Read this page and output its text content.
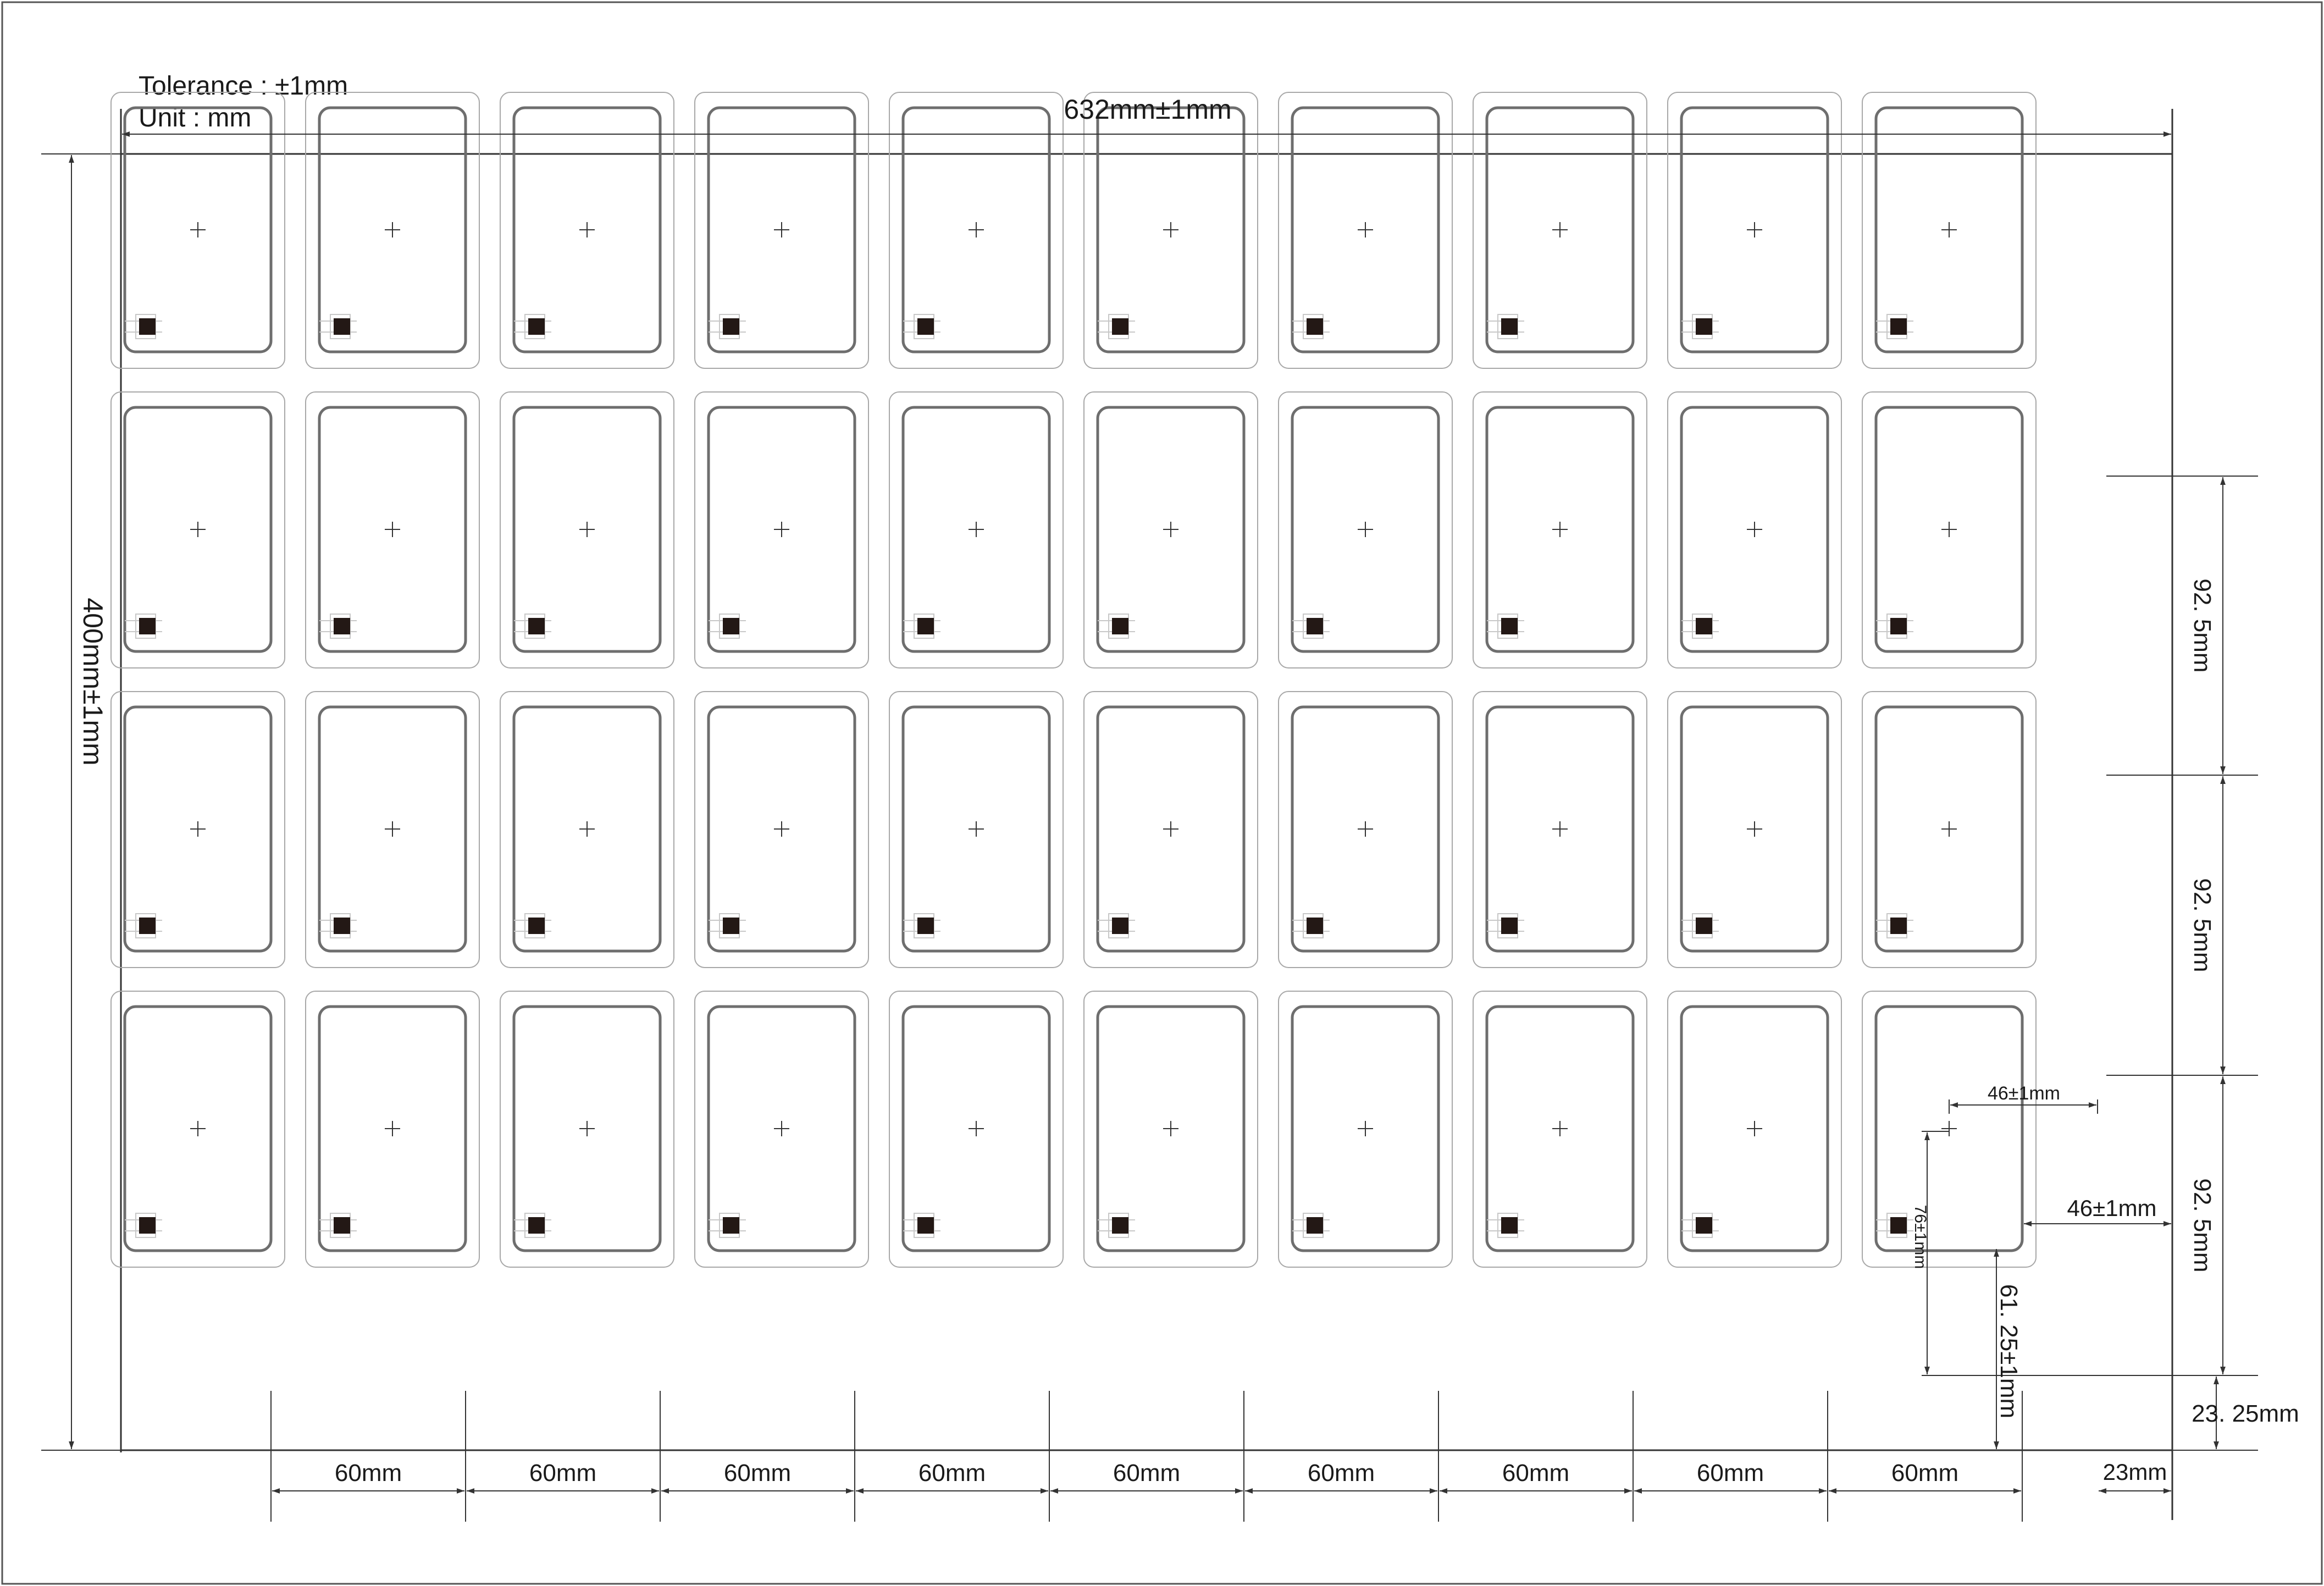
Tolerance : ±1mm
Unit : mm	632mm±1mm
400mm±1mm	92. 5mm
92. 5mm
92. 5mm
23. 25mm
60mm	60mm	60mm	60mm	60mm	60mm	60mm	60mm	60mm	23mm
46±1mm
76±1mm	46±1mm
61. 25±1mm
